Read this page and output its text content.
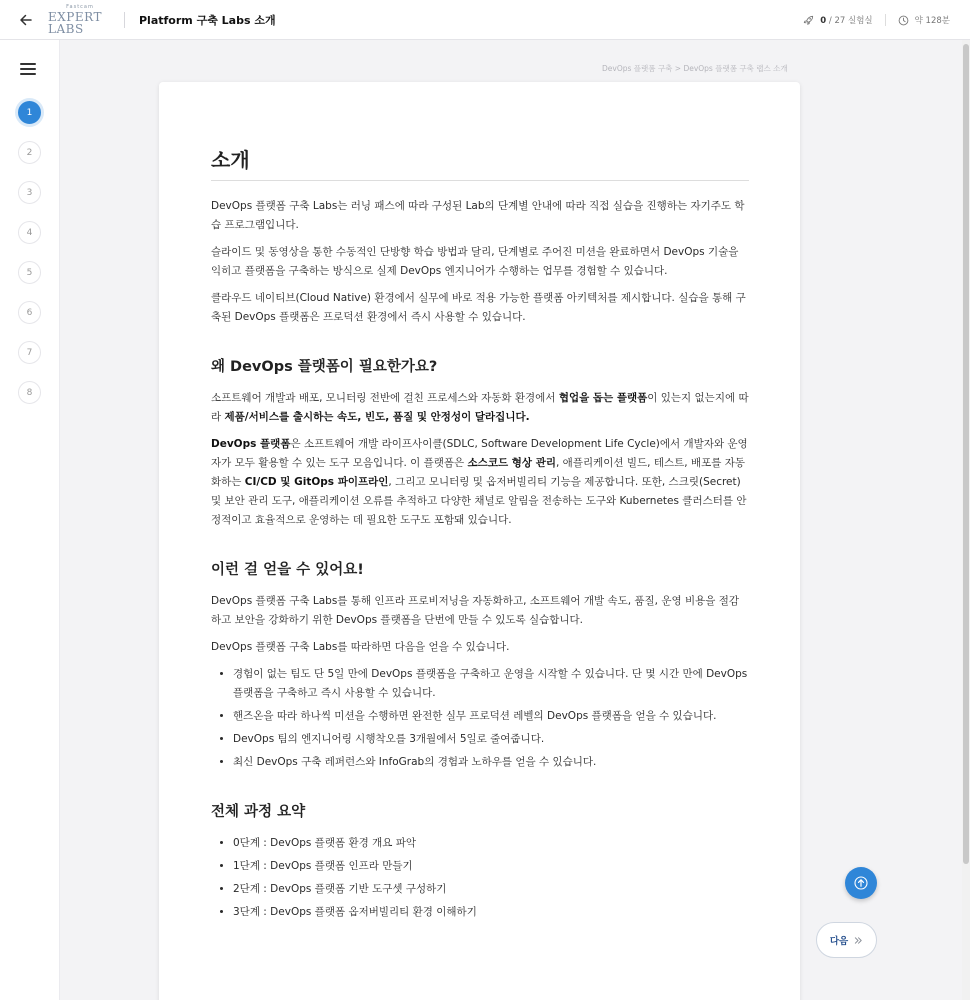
Fastcam
EXPERT LABS
Platform 구축 Labs 소개	0 / 27 실험실	약 128분
1
2
3
4
5
6
7
8
DevOps 플랫폼 구축 > DevOps 플랫폼 구축 랩스 소개
소개

DevOps 플랫폼 구축 Labs는 러닝 패스에 따라 구성된 Lab의 단계별 안내에 따라 직접 실습을 진행하는 자기주도 학습 프로그램입니다.

슬라이드 및 동영상을 통한 수동적인 단방향 학습 방법과 달리, 단계별로 주어진 미션을 완료하면서 DevOps 기술을 익히고 플랫폼을 구축하는 방식으로 실제 DevOps 엔지니어가 수행하는 업무를 경험할 수 있습니다.

클라우드 네이티브(Cloud Native) 환경에서 실무에 바로 적용 가능한 플랫폼 아키텍처를 제시합니다. 실습을 통해 구축된 DevOps 플랫폼은 프로덕션 환경에서 즉시 사용할 수 있습니다.

왜 DevOps 플랫폼이 필요한가요?

소프트웨어 개발과 배포, 모니터링 전반에 걸친 프로세스와 자동화 환경에서 협업을 돕는 플랫폼이 있는지 없는지에 따라 제품/서비스를 출시하는 속도, 빈도, 품질 및 안정성이 달라집니다.

DevOps 플랫폼은 소프트웨어 개발 라이프사이클(SDLC, Software Development Life Cycle)에서 개발자와 운영자가 모두 활용할 수 있는 도구 모음입니다. 이 플랫폼은 소스코드 형상 관리, 애플리케이션 빌드, 테스트, 배포를 자동화하는 CI/CD 및 GitOps 파이프라인, 그리고 모니터링 및 옵저버빌리티 기능을 제공합니다. 또한, 스크릿(Secret) 및 보안 관리 도구, 애플리케이션 오류를 추적하고 다양한 채널로 알림을 전송하는 도구와 Kubernetes 클러스터를 안정적이고 효율적으로 운영하는 데 필요한 도구도 포함돼 있습니다.

이런 걸 얻을 수 있어요!

DevOps 플랫폼 구축 Labs를 통해 인프라 프로비저닝을 자동화하고, 소프트웨어 개발 속도, 품질, 운영 비용을 절감하고 보안을 강화하기 위한 DevOps 플랫폼을 단번에 만들 수 있도록 실습합니다.

DevOps 플랫폼 구축 Labs를 따라하면 다음을 얻을 수 있습니다.

• 경험이 없는 팀도 단 5일 만에 DevOps 플랫폼을 구축하고 운영을 시작할 수 있습니다. 단 몇 시간 만에 DevOps 플랫폼을 구축하고 즉시 사용할 수 있습니다.
• 핸즈온을 따라 하나씩 미션을 수행하면 완전한 실무 프로덕션 레벨의 DevOps 플랫폼을 얻을 수 있습니다.
• DevOps 팀의 엔지니어링 시행착오를 3개월에서 5일로 줄여줍니다.
• 최신 DevOps 구축 레퍼런스와 InfoGrab의 경험과 노하우를 얻을 수 있습니다.
전체 과정 요약
• 0단계 : DevOps 플랫폼 환경 개요 파악
• 1단계 : DevOps 플랫폼 인프라 만들기
• 2단계 : DevOps 플랫폼 기반 도구셋 구성하기
• 3단계 : DevOps 플랫폼 옵저버빌리티 환경 이해하기
다음
